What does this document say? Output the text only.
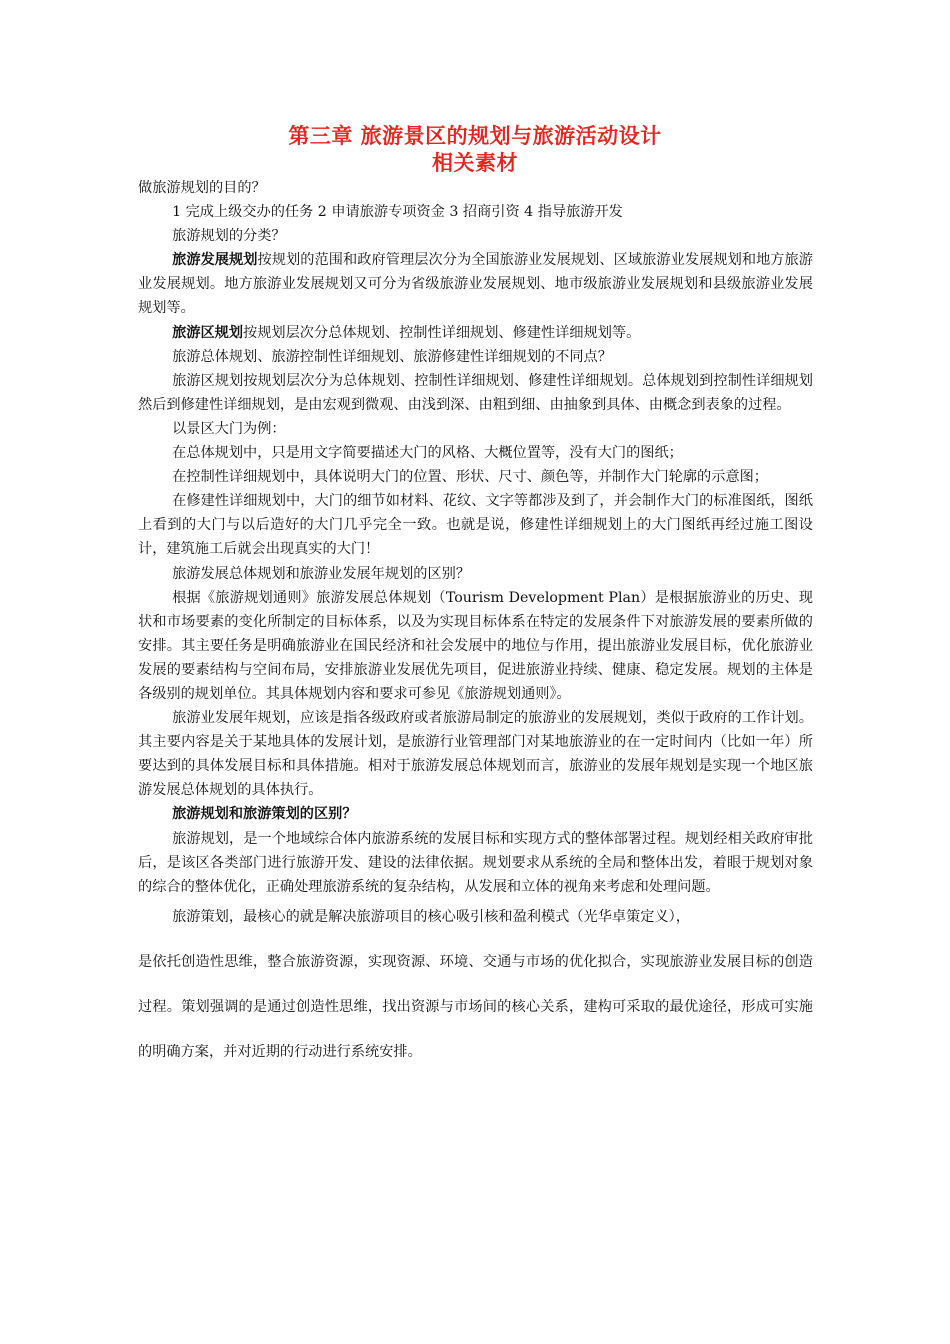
第三章 旅游景区的规划与旅游活动设计
相关素材

做旅游规划的目的？

1 完成上级交办的任务 2 申请旅游专项资金 3 招商引资 4 指导旅游开发

旅游规划的分类？

旅游发展规划按规划的范围和政府管理层次分为全国旅游业发展规划、区域旅游业发展规划和地方旅游业发展规划。地方旅游业发展规划又可分为省级旅游业发展规划、地市级旅游业发展规划和县级旅游业发展规划等。

旅游区规划按规划层次分总体规划、控制性详细规划、修建性详细规划等。

旅游总体规划、旅游控制性详细规划、旅游修建性详细规划的不同点？

旅游区规划按规划层次分为总体规划、控制性详细规划、修建性详细规划。总体规划到控制性详细规划然后到修建性详细规划，是由宏观到微观、由浅到深、由粗到细、由抽象到具体、由概念到表象的过程。

以景区大门为例：

在总体规划中，只是用文字简要描述大门的风格、大概位置等，没有大门的图纸；

在控制性详细规划中，具体说明大门的位置、形状、尺寸、颜色等，并制作大门轮廓的示意图；

在修建性详细规划中，大门的细节如材料、花纹、文字等都涉及到了，并会制作大门的标准图纸，图纸上看到的大门与以后造好的大门几乎完全一致。也就是说，修建性详细规划上的大门图纸再经过施工图设计，建筑施工后就会出现真实的大门！

旅游发展总体规划和旅游业发展年规划的区别？

根据《旅游规划通则》旅游发展总体规划（Tourism Development Plan）是根据旅游业的历史、现状和市场要素的变化所制定的目标体系，以及为实现目标体系在特定的发展条件下对旅游发展的要素所做的安排。其主要任务是明确旅游业在国民经济和社会发展中的地位与作用，提出旅游业发展目标，优化旅游业发展的要素结构与空间布局，安排旅游业发展优先项目，促进旅游业持续、健康、稳定发展。规划的主体是各级别的规划单位。其具体规划内容和要求可参见《旅游规划通则》。

旅游业发展年规划，应该是指各级政府或者旅游局制定的旅游业的发展规划，类似于政府的工作计划。其主要内容是关于某地具体的发展计划，是旅游行业管理部门对某地旅游业的在一定时间内（比如一年）所要达到的具体发展目标和具体措施。相对于旅游发展总体规划而言，旅游业的发展年规划是实现一个地区旅游发展总体规划的具体执行。

旅游规划和旅游策划的区别？

旅游规划，是一个地域综合体内旅游系统的发展目标和实现方式的整体部署过程。规划经相关政府审批后，是该区各类部门进行旅游开发、建设的法律依据。规划要求从系统的全局和整体出发，着眼于规划对象的综合的整体优化，正确处理旅游系统的复杂结构，从发展和立体的视角来考虑和处理问题。

旅游策划，最核心的就是解决旅游项目的核心吸引核和盈利模式（光华卓策定义），

是依托创造性思维，整合旅游资源，实现资源、环境、交通与市场的优化拟合，实现旅游业发展目标的创造过程。策划强调的是通过创造性思维，找出资源与市场间的核心关系，建构可采取的最优途径，形成可实施的明确方案，并对近期的行动进行系统安排。
